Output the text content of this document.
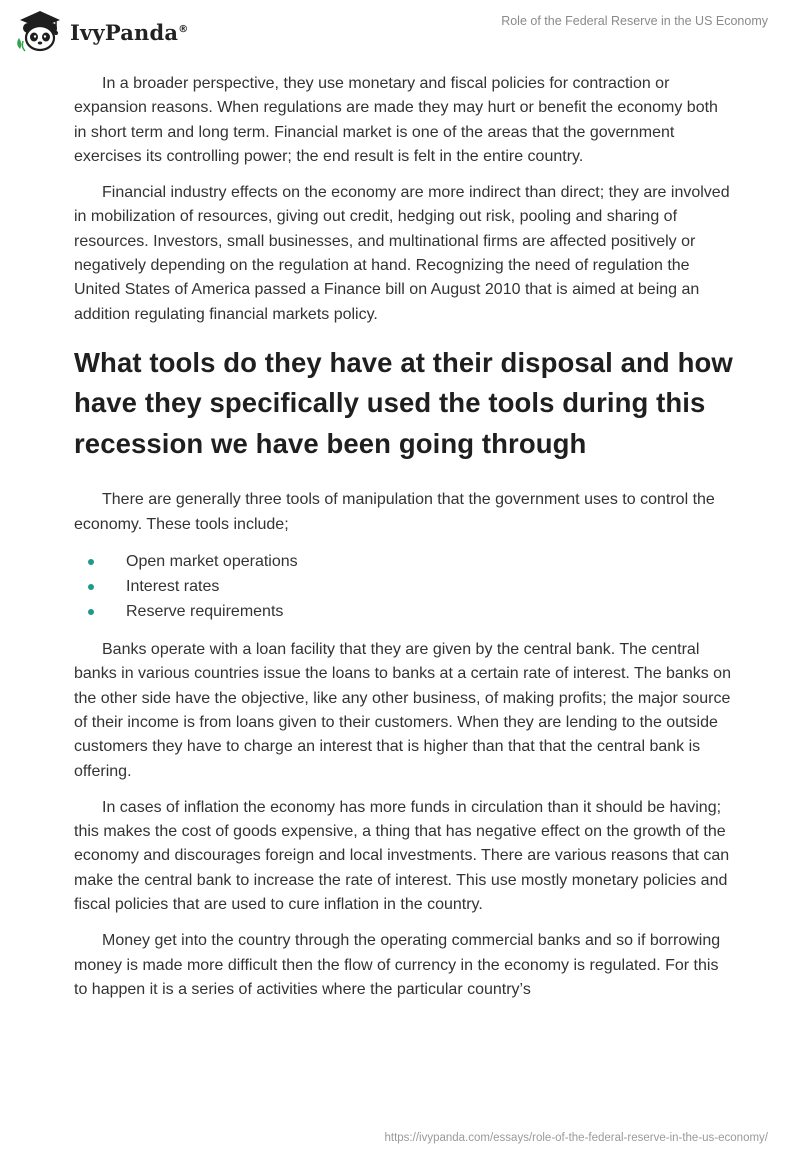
IvyPanda®
Role of the Federal Reserve in the US Economy

In a broader perspective, they use monetary and fiscal policies for contraction or expansion reasons. When regulations are made they may hurt or benefit the economy both in short term and long term. Financial market is one of the areas that the government exercises its controlling power; the end result is felt in the entire country.

Financial industry effects on the economy are more indirect than direct; they are involved in mobilization of resources, giving out credit, hedging out risk, pooling and sharing of resources. Investors, small businesses, and multinational firms are affected positively or negatively depending on the regulation at hand. Recognizing the need of regulation the United States of America passed a Finance bill on August 2010 that is aimed at being an addition regulating financial markets policy.

What tools do they have at their disposal and how have they specifically used the tools during this recession we have been going through

There are generally three tools of manipulation that the government uses to control the economy. These tools include;

Open market operations
Interest rates
Reserve requirements

Banks operate with a loan facility that they are given by the central bank. The central banks in various countries issue the loans to banks at a certain rate of interest. The banks on the other side have the objective, like any other business, of making profits; the major source of their income is from loans given to their customers. When they are lending to the outside customers they have to charge an interest that is higher than that that the central bank is offering.

In cases of inflation the economy has more funds in circulation than it should be having; this makes the cost of goods expensive, a thing that has negative effect on the growth of the economy and discourages foreign and local investments. There are various reasons that can make the central bank to increase the rate of interest. This use mostly monetary policies and fiscal policies that are used to cure inflation in the country.

Money get into the country through the operating commercial banks and so if borrowing money is made more difficult then the flow of currency in the economy is regulated. For this to happen it is a series of activities where the particular country’s

https://ivypanda.com/essays/role-of-the-federal-reserve-in-the-us-economy/
